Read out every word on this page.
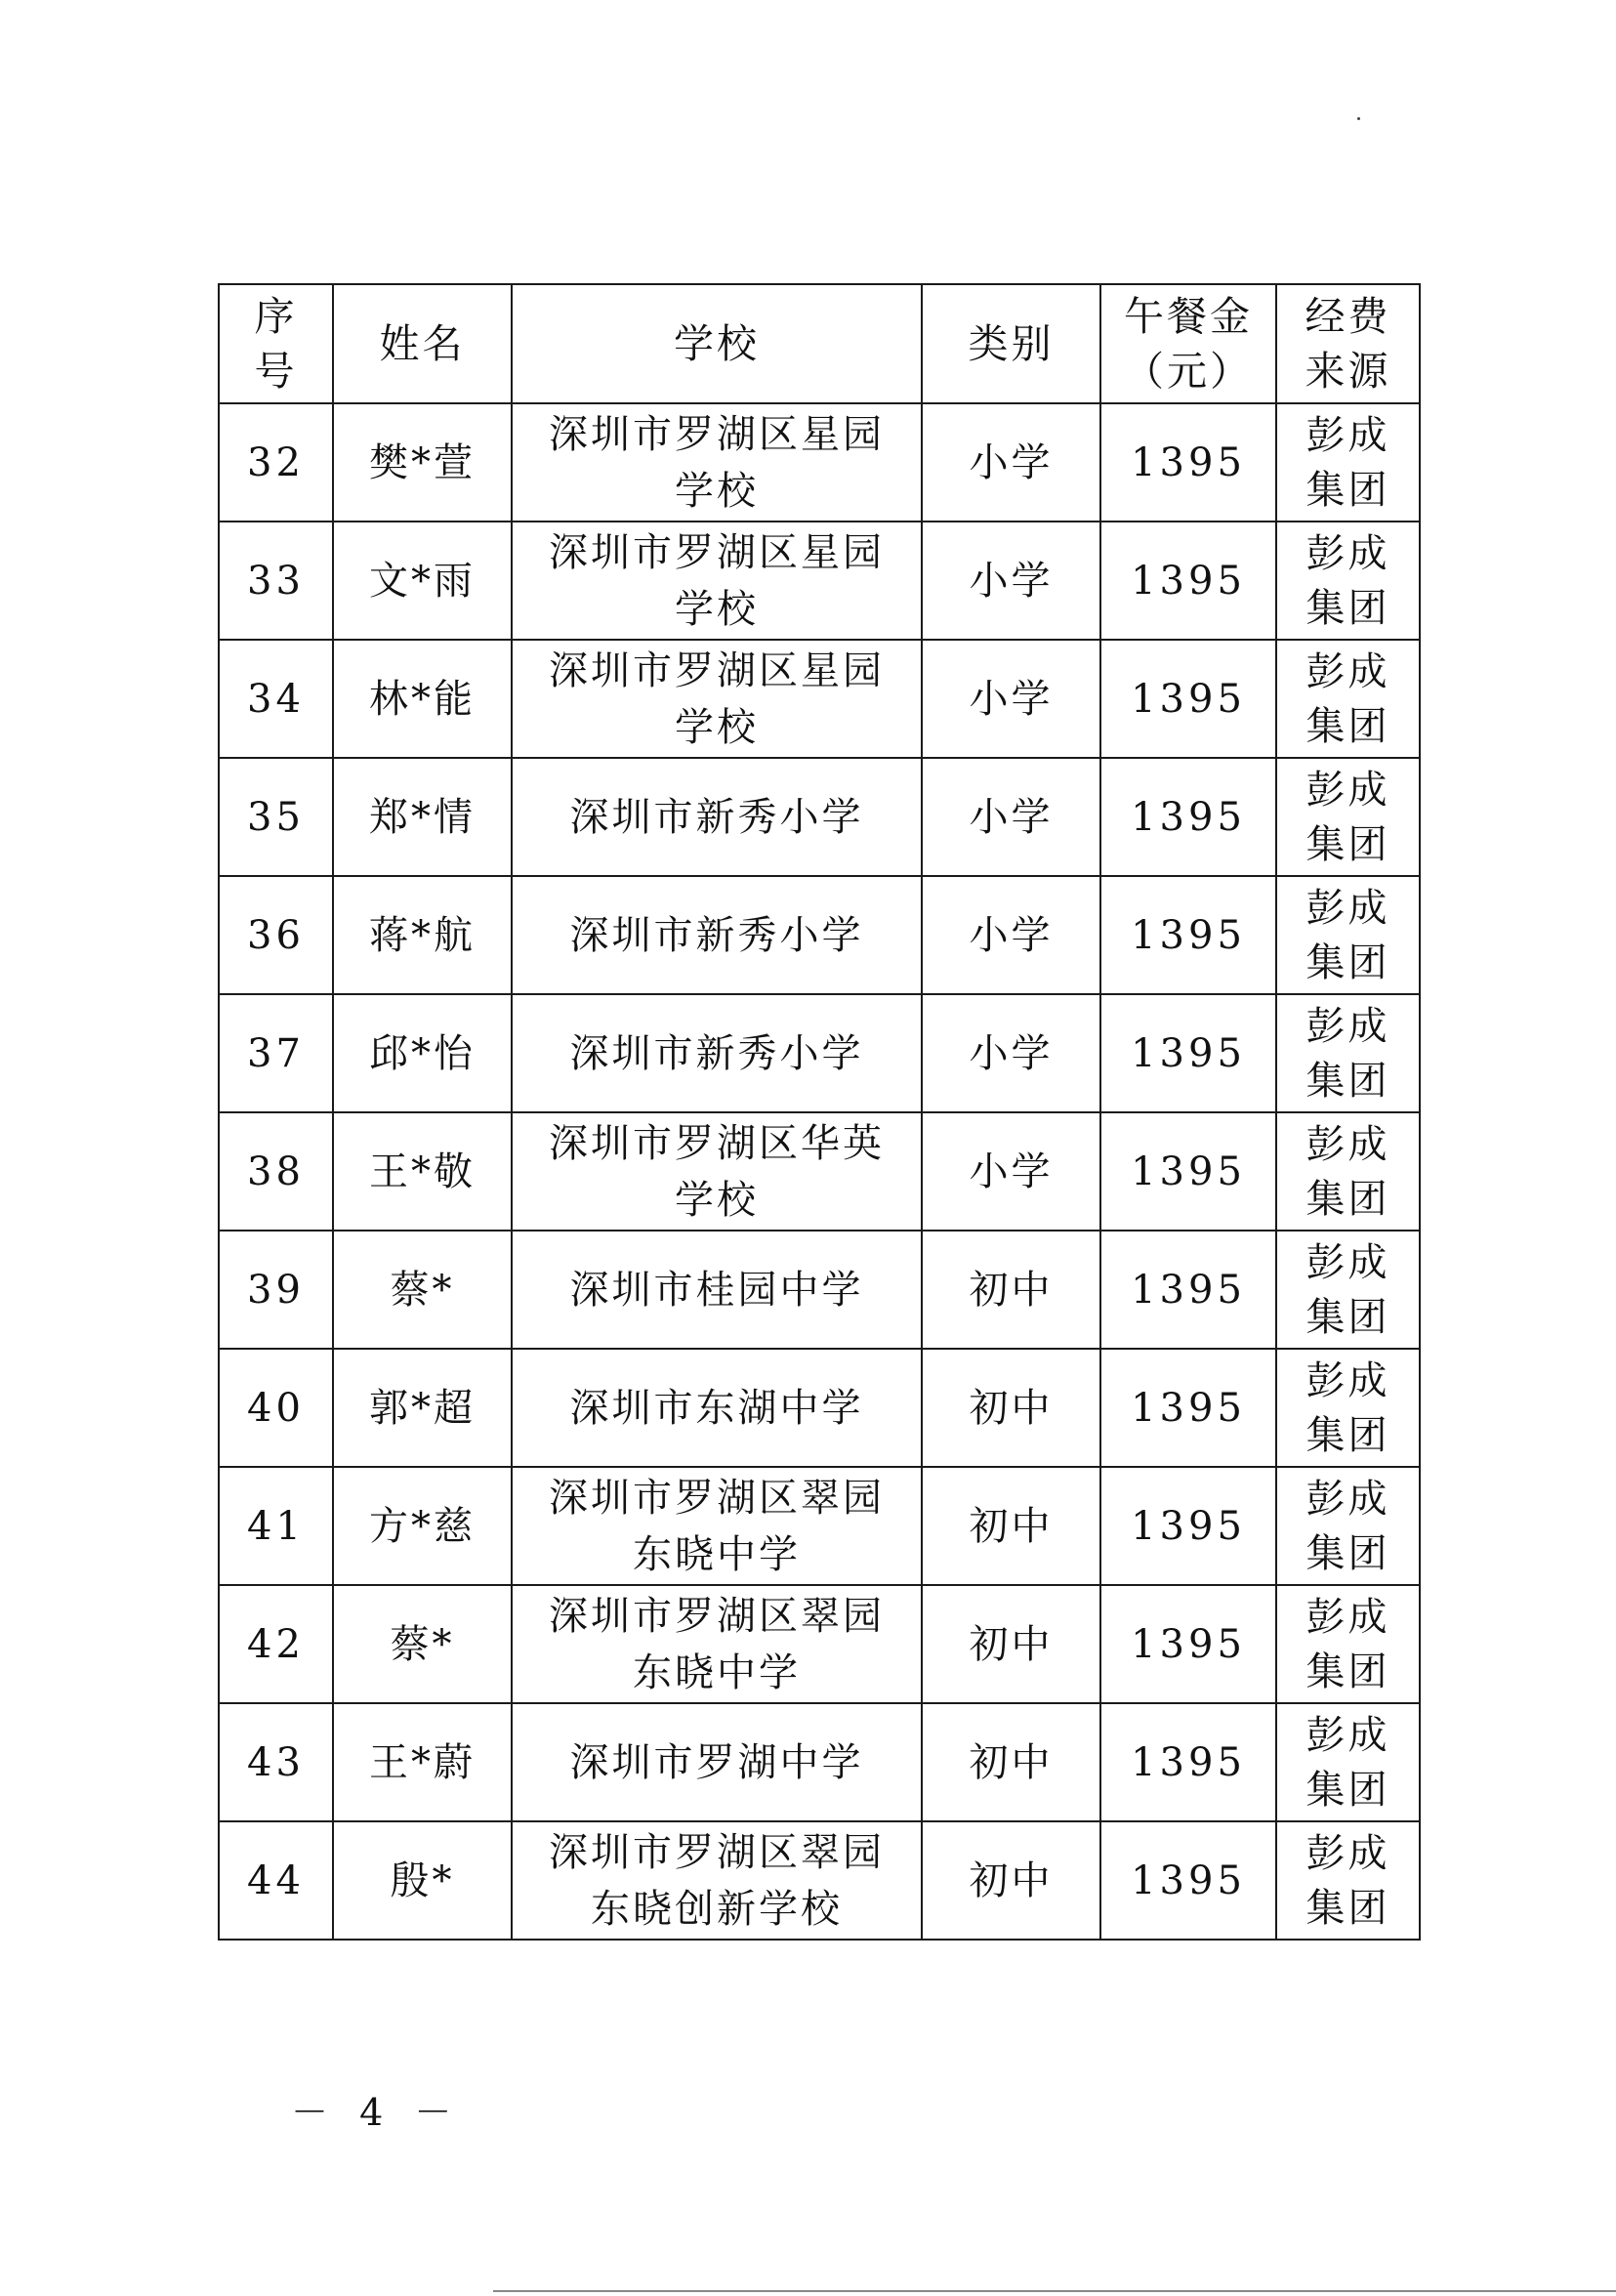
序号	姓名	学校	类别	午餐金（元）	经费来源
32	樊*萱	深圳市罗湖区星园学校	小学	1395	彭成集团
33	文*雨	深圳市罗湖区星园学校	小学	1395	彭成集团
34	林*能	深圳市罗湖区星园学校	小学	1395	彭成集团
35	郑*情	深圳市新秀小学	小学	1395	彭成集团
36	蒋*航	深圳市新秀小学	小学	1395	彭成集团
37	邱*怡	深圳市新秀小学	小学	1395	彭成集团
38	王*敬	深圳市罗湖区华英学校	小学	1395	彭成集团
39	蔡*	深圳市桂园中学	初中	1395	彭成集团
40	郭*超	深圳市东湖中学	初中	1395	彭成集团
41	方*慈	深圳市罗湖区翠园东晓中学	初中	1395	彭成集团
42	蔡*	深圳市罗湖区翠园东晓中学	初中	1395	彭成集团
43	王*蔚	深圳市罗湖中学	初中	1395	彭成集团
44	殷*	深圳市罗湖区翠园东晓创新学校	初中	1395	彭成集团
－ 4 －
